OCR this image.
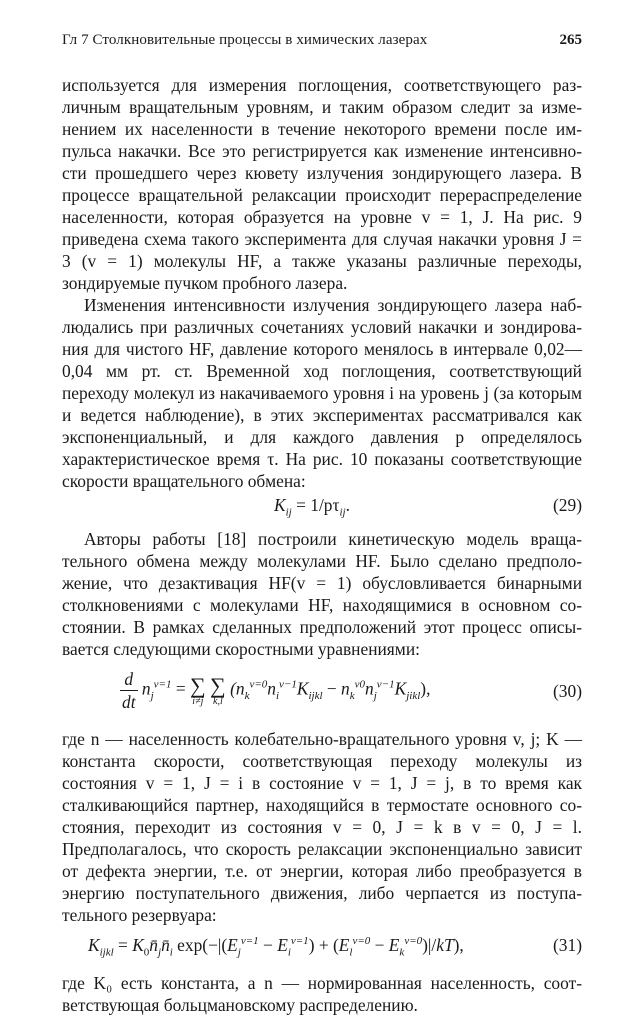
Гл 7 Столкновительные процессы в химических лазерах	265

используется для измерения поглощения, соответствующего различным вращательным уровням, и таким образом следит за изменением их населенности в течение некоторого времени после импульса накачки. Все это регистрируется как изменение интенсивности прошедшего через кювету излучения зондирующего лазера. В процессе вращательной релаксации происходит перераспределение населенности, которая образуется на уровне v = 1, J. На рис. 9 приведена схема такого эксперимента для случая накачки уровня J = 3 (v = 1) молекулы HF, а также указаны различные переходы, зондируемые пучком пробного лазера.

Изменения интенсивности излучения зондирующего лазера наблюдались при различных сочетаниях условий накачки и зондирования для чистого HF, давление которого менялось в интервале 0,02—0,04 мм рт. ст. Временной ход поглощения, соответствующий переходу молекул из накачиваемого уровня i на уровень j (за которым и ведется наблюдение), в этих экспериментах рассматривался как экспоненциальный, и для каждого давления p определялось характеристическое время τ. На рис. 10 показаны соответствующие скорости вращательного обмена:

$K_{ij} = 1/p\tau_{ij}$.	(29)

Авторы работы [18] построили кинетическую модель вращательного обмена между молекулами HF. Было сделано предположение, что дезактивация HF(v = 1) обусловливается бинарными столкновениями с молекулами HF, находящимися в основном состоянии. В рамках сделанных предположений этот процесс описывается следующими скоростными уравнениями:

$\frac{d}{dt} n_j^{v=1}$ = ∑
i≠j
∑
k,l
$(n_k^{v=0}n_i^{v-1}K_{ijkl} - n_k^{v0}n_j^{v-1}K_{jikl})$,	(30)

где n — населенность колебательно-вращательного уровня v, j; K — константа скорости, соответствующая переходу молекулы из состояния v = 1, J = i в состояние v = 1, J = j, в то время как сталкивающийся партнер, находящийся в термостате основного состояния, переходит из состояния v = 0, J = k в v = 0, J = l. Предполагалось, что скорость релаксации экспоненциально зависит от дефекта энергии, т.е. от энергии, которая либо преобразуется в энергию поступательного движения, либо черпается из поступательного резервуара:

$K_{ijkl}$ = $K_0n̄_jn̄_i$ $\exp(-|(E_j^{v=1} - E_i^{v=1}) + (E_l^{v=0} - E_k^{v=0})|/kT)$,	(31)

где K₀ есть константа, а n — нормированная населенность, соответствующая больцмановскому распределению.
